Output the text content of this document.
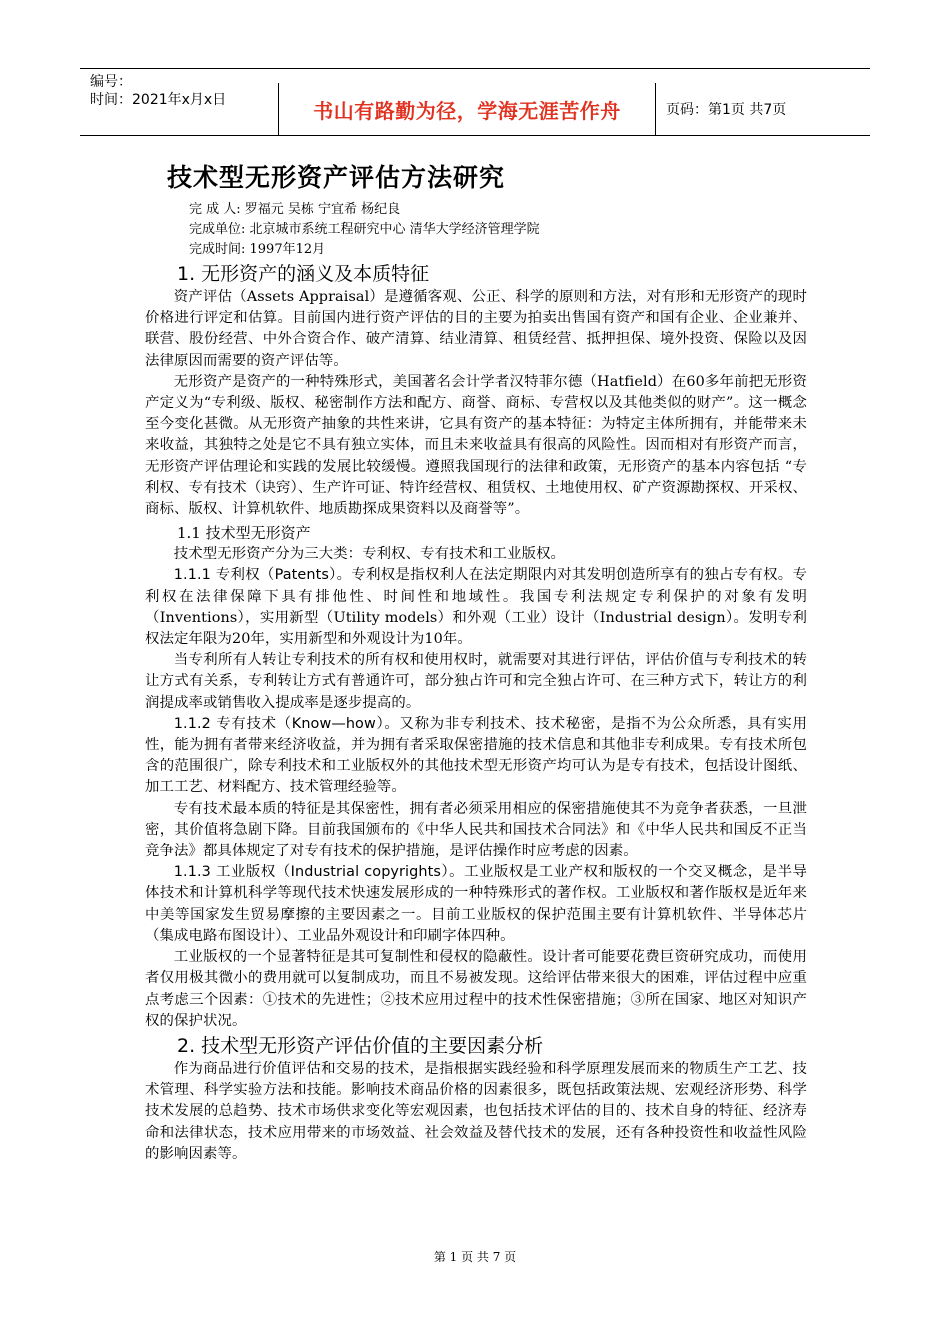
编号：
时间：2021年x月x日	书山有路勤为径，学海无涯苦作舟	页码：第1页 共7页
技术型无形资产评估方法研究
完 成 人: 罗福元 吴栋 宁宜希 杨纪良
完成单位: 北京城市系统工程研究中心 清华大学经济管理学院
完成时间: 1997年12月
1. 无形资产的涵义及本质特征

资产评估（Assets Appraisal）是遵循客观、公正、科学的原则和方法，对有形和无形资产的现时价格进行评定和估算。目前国内进行资产评估的目的主要为拍卖出售国有资产和国有企业、企业兼并、联营、股份经营、中外合资合作、破产清算、结业清算、租赁经营、抵押担保、境外投资、保险以及因法律原因而需要的资产评估等。

无形资产是资产的一种特殊形式，美国著名会计学者汉特菲尔德（Hatfield）在60多年前把无形资产定义为“专利级、版权、秘密制作方法和配方、商誉、商标、专营权以及其他类似的财产”。这一概念至今变化甚微。从无形资产抽象的共性来讲，它具有资产的基本特征：为特定主体所拥有，并能带来未来收益，其独特之处是它不具有独立实体，而且未来收益具有很高的风险性。因而相对有形资产而言，无形资产评估理论和实践的发展比较缓慢。遵照我国现行的法律和政策，无形资产的基本内容包括 “专利权、专有技术（诀窍）、生产许可证、特许经营权、租赁权、土地使用权、矿产资源勘探权、开采权、商标、版权、计算机软件、地质勘探成果资料以及商誉等”。

1.1 技术型无形资产

技术型无形资产分为三大类：专利权、专有技术和工业版权。

1.1.1 专利权（Patents）。专利权是指权利人在法定期限内对其发明创造所享有的独占专有权。专利权在法律保障下具有排他性、时间性和地域性。我国专利法规定专利保护的对象有发明（Inventions），实用新型（Utility models）和外观（工业）设计（Industrial design）。发明专利权法定年限为20年，实用新型和外观设计为10年。

当专利所有人转让专利技术的所有权和使用权时，就需要对其进行评估，评估价值与专利技术的转让方式有关系，专利转让方式有普通许可，部分独占许可和完全独占许可、在三种方式下，转让方的利润提成率或销售收入提成率是逐步提高的。

1.1.2 专有技术（Know—how）。又称为非专利技术、技术秘密，是指不为公众所悉，具有实用性，能为拥有者带来经济收益，并为拥有者采取保密措施的技术信息和其他非专利成果。专有技术所包含的范围很广，除专利技术和工业版权外的其他技术型无形资产均可认为是专有技术，包括设计图纸、加工工艺、材料配方、技术管理经验等。

专有技术最本质的特征是其保密性，拥有者必须采用相应的保密措施使其不为竞争者获悉，一旦泄密，其价值将急剧下降。目前我国颁布的《中华人民共和国技术合同法》和《中华人民共和国反不正当竞争法》都具体规定了对专有技术的保护措施，是评估操作时应考虑的因素。

1.1.3 工业版权（Industrial copyrights）。工业版权是工业产权和版权的一个交叉概念，是半导体技术和计算机科学等现代技术快速发展形成的一种特殊形式的著作权。工业版权和著作版权是近年来中美等国家发生贸易摩擦的主要因素之一。目前工业版权的保护范围主要有计算机软件、半导体芯片（集成电路布图设计）、工业品外观设计和印刷字体四种。

工业版权的一个显著特征是其可复制性和侵权的隐蔽性。设计者可能要花费巨资研究成功，而使用者仅用极其微小的费用就可以复制成功，而且不易被发现。这给评估带来很大的困难，评估过程中应重点考虑三个因素：①技术的先进性；②技术应用过程中的技术性保密措施；③所在国家、地区对知识产权的保护状况。

2. 技术型无形资产评估价值的主要因素分析

作为商品进行价值评估和交易的技术，是指根据实践经验和科学原理发展而来的物质生产工艺、技术管理、科学实验方法和技能。影响技术商品价格的因素很多，既包括政策法规、宏观经济形势、科学技术发展的总趋势、技术市场供求变化等宏观因素，也包括技术评估的目的、技术自身的特征、经济寿命和法律状态，技术应用带来的市场效益、社会效益及替代技术的发展，还有各种投资性和收益性风险的影响因素等。

第 1 页 共 7 页
